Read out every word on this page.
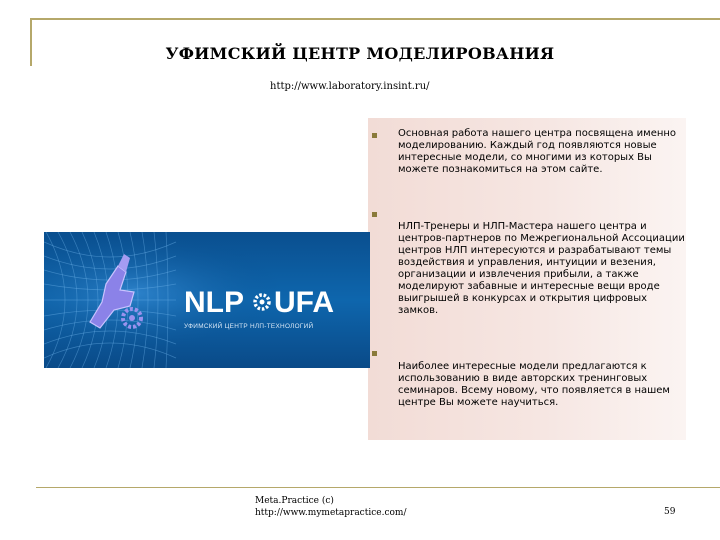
УФИМСКИЙ ЦЕНТР МОДЕЛИРОВАНИЯ
http://www.laboratory.insint.ru/
Основная работа нашего центра посвящена именно моделированию. Каждый год появляются новые интересные модели, со многими из которых Вы можете познакомиться на этом сайте.
НЛП-Тренеры и НЛП-Мастера нашего центра и центров-партнеров по Межрегиональной Ассоциации центров НЛП интересуются и разрабатывают темы воздействия и управления, интуиции и везения, организации и извлечения прибыли, а также моделируют забавные и интересные вещи вроде выигрышей в конкурсах и открытия цифровых замков.
Наиболее интересные модели предлагаются к использованию в виде авторских тренинговых семинаров. Всему новому, что появляется в нашем центре Вы можете научиться.
NLP UFA
УФИМСКИЙ ЦЕНТР НЛП-ТЕХНОЛОГИЙ
Meta.Practice (c)
http://www.mymetapractice.com/	59
